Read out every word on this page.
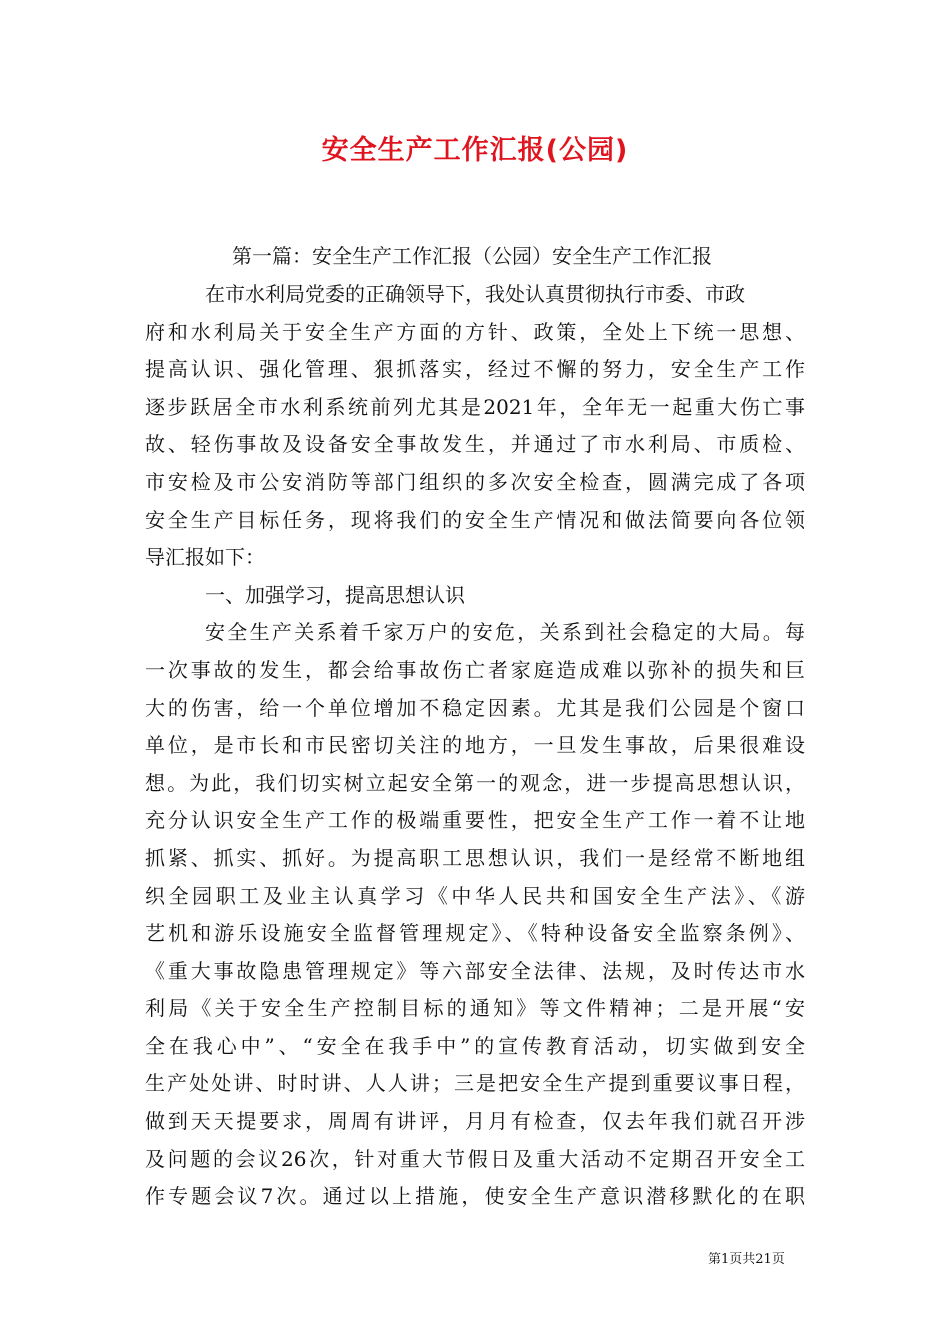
安全生产工作汇报(公园)
第一篇：安全生产工作汇报（公园）安全生产工作汇报
在市水利局党委的正确领导下，我处认真贯彻执行市委、市政
府和水利局关于安全生产方面的方针、政策，全处上下统一思想、
提高认识、强化管理、狠抓落实，经过不懈的努力，安全生产工作
逐步跃居全市水利系统前列尤其是2021年，全年无一起重大伤亡事
故、轻伤事故及设备安全事故发生，并通过了市水利局、市质检、
市安检及市公安消防等部门组织的多次安全检查，圆满完成了各项
安全生产目标任务，现将我们的安全生产情况和做法简要向各位领
导汇报如下：
一、加强学习，提高思想认识
安全生产关系着千家万户的安危，关系到社会稳定的大局。每
一次事故的发生，都会给事故伤亡者家庭造成难以弥补的损失和巨
大的伤害，给一个单位增加不稳定因素。尤其是我们公园是个窗口
单位，是市长和市民密切关注的地方，一旦发生事故，后果很难设
想。为此，我们切实树立起安全第一的观念，进一步提高思想认识，
充分认识安全生产工作的极端重要性，把安全生产工作一着不让地
抓紧、抓实、抓好。为提高职工思想认识，我们一是经常不断地组
织全园职工及业主认真学习《中华人民共和国安全生产法》、《游
艺机和游乐设施安全监督管理规定》、《特种设备安全监察条例》、
《重大事故隐患管理规定》等六部安全法律、法规，及时传达市水
利局《关于安全生产控制目标的通知》等文件精神；二是开展“安
全在我心中”、“安全在我手中”的宣传教育活动，切实做到安全
生产处处讲、时时讲、人人讲；三是把安全生产提到重要议事日程，
做到天天提要求，周周有讲评，月月有检查，仅去年我们就召开涉
及问题的会议26次，针对重大节假日及重大活动不定期召开安全工
作专题会议7次。通过以上措施，使安全生产意识潜移默化的在职
第1页共21页
